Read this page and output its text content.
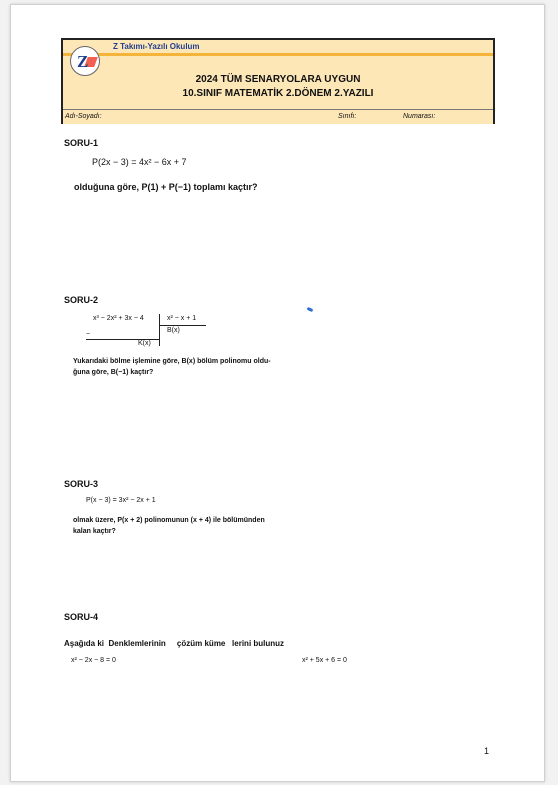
Z
Z Takımı-Yazılı Okulum
2024 TÜM SENARYOLARA UYGUN
10.SINIF MATEMATİK 2.DÖNEM 2.YAZILI
Adı-Soyadı:	Sınıfı:	Numarası:
SORU-1
P(2x − 3) = 4x² − 6x + 7
olduğuna göre, P(1) + P(−1) toplamı kaçtır?
SORU-2
x³ − 2x² + 3x − 4	x² − x + 1
B(x)
−
K(x)
Yukarıdaki bölme işlemine göre, B(x) bölüm polinomu oldu-
ğuna göre, B(−1) kaçtır?
SORU-3
P(x − 3) = 3x² − 2x + 1
olmak üzere, P(x + 2) polinomunun (x + 4) ile bölümünden
kalan kaçtır?
SORU-4
Aşağıda ki  Denklemlerinin     çözüm küme   lerini bulunuz
x² − 2x − 8 = 0	x² + 5x + 6 = 0
1
